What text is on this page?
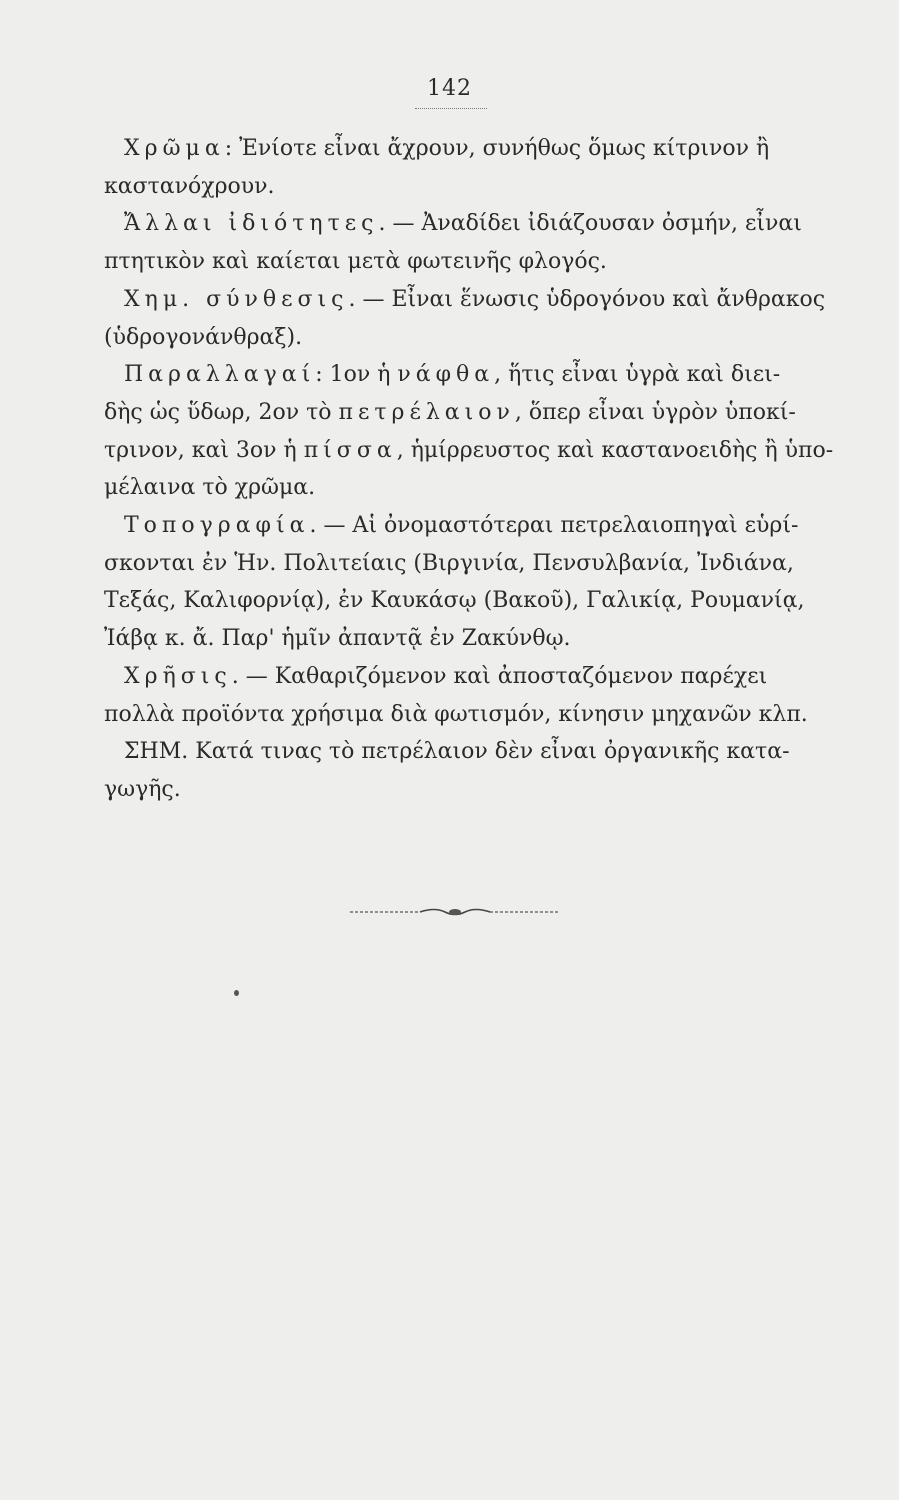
142

Χρῶμα: Ἐνίοτε εἶναι ἄχρουν, συνήθως ὅμως κίτρινον ἢ
καστανόχρουν.

Ἄλλαι ἰδιότητες. — Ἀναδίδει ἰδιάζουσαν ὀσμήν, εἶναι
πτητικὸν καὶ καίεται μετὰ φωτεινῆς φλογός.

Χημ. σύνθεσις. — Εἶναι ἕνωσις ὑδρογόνου καὶ ἄνθρακος
(ὑδρογονάνθραξ).

Παραλλαγαί: 1ον ἡ νάφθα, ἥτις εἶναι ὑγρὰ καὶ διει-
δὴς ὡς ὕδωρ, 2ον τὸ πετρέλαιον, ὅπερ εἶναι ὑγρὸν ὑποκί-
τρινον, καὶ 3ον ἡ πίσσα, ἡμίρρευστος καὶ καστανοειδὴς ἢ ὑπο-
μέλαινα τὸ χρῶμα.

Τοπογραφία. — Αἱ ὀνομαστότεραι πετρελαιοπηγαὶ εὑρί-
σκονται ἐν Ἡν. Πολιτείαις (Βιργινία, Πενσυλβανία, Ἰνδιάνα,
Τεξάς, Καλιφορνίᾳ), ἐν Καυκάσῳ (Βακοῦ), Γαλικίᾳ, Ρουμανίᾳ,
Ἰάβᾳ κ. ἄ. Παρ' ἡμῖν ἀπαντᾷ ἐν Ζακύνθῳ.

Χρῆσις. — Καθαριζόμενον καὶ ἀποσταζόμενον παρέχει
πολλὰ προϊόντα χρήσιμα διὰ φωτισμόν, κίνησιν μηχανῶν κλπ.

ΣΗΜ. Κατά τινας τὸ πετρέλαιον δὲν εἶναι ὀργανικῆς κατα-
γωγῆς.
